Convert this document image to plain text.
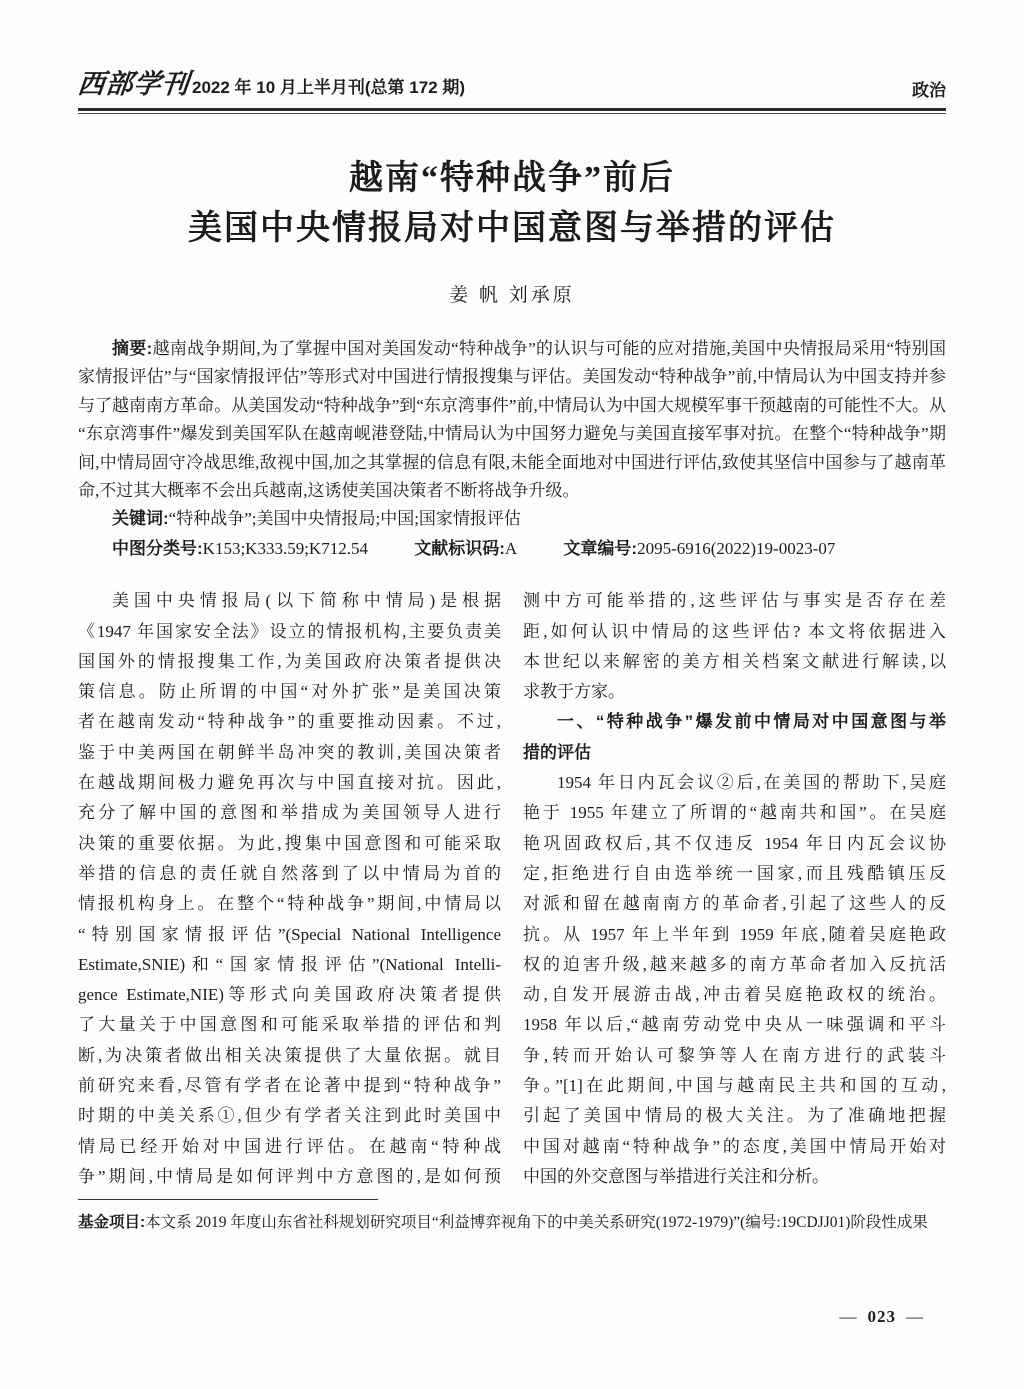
西部学刊 2022 年 10 月上半月刊(总第 172 期)	政治
越南“特种战争”前后
美国中央情报局对中国意图与举措的评估
姜 帆 刘承原
摘要:越南战争期间,为了掌握中国对美国发动“特种战争”的认识与可能的应对措施,美国中央情报局采用“特别国家情报评估”与“国家情报评估”等形式对中国进行情报搜集与评估。美国发动“特种战争”前,中情局认为中国支持并参与了越南南方革命。从美国发动“特种战争”到“东京湾事件”前,中情局认为中国大规模军事干预越南的可能性不大。从“东京湾事件”爆发到美国军队在越南岘港登陆,中情局认为中国努力避免与美国直接军事对抗。在整个“特种战争”期间,中情局固守冷战思维,敌视中国,加之其掌握的信息有限,未能全面地对中国进行评估,致使其坚信中国参与了越南革命,不过其大概率不会出兵越南,这诱使美国决策者不断将战争升级。
关键词:“特种战争”;美国中央情报局;中国;国家情报评估
中图分类号:K153;K333.59;K712.54	文献标识码:A	文章编号:2095-6916(2022)19-0023-07
美国中央情报局(以下简称中情局)是根据
《1947 年国家安全法》设立的情报机构,主要负责美
国国外的情报搜集工作,为美国政府决策者提供决
策信息。防止所谓的中国“对外扩张”是美国决策
者在越南发动“特种战争”的重要推动因素。不过,
鉴于中美两国在朝鲜半岛冲突的教训,美国决策者
在越战期间极力避免再次与中国直接对抗。因此,
充分了解中国的意图和举措成为美国领导人进行
决策的重要依据。为此,搜集中国意图和可能采取
举措的信息的责任就自然落到了以中情局为首的
情报机构身上。在整个“特种战争”期间,中情局以
“特别国家情报评估”(Special National Intelligence
Estimate,SNIE)和“国家情报评估”(National Intelli-
gence Estimate,NIE)等形式向美国政府决策者提供
了大量关于中国意图和可能采取举措的评估和判
断,为决策者做出相关决策提供了大量依据。就目
前研究来看,尽管有学者在论著中提到“特种战争”
时期的中美关系①,但少有学者关注到此时美国中
情局已经开始对中国进行评估。在越南“特种战
争”期间,中情局是如何评判中方意图的,是如何预
测中方可能举措的,这些评估与事实是否存在差
距,如何认识中情局的这些评估? 本文将依据进入
本世纪以来解密的美方相关档案文献进行解读,以
求教于方家。
一、“特种战争”爆发前中情局对中国意图与举
措的评估
1954 年日内瓦会议②后,在美国的帮助下,吴庭
艳于 1955 年建立了所谓的“越南共和国”。在吴庭
艳巩固政权后,其不仅违反 1954 年日内瓦会议协
定,拒绝进行自由选举统一国家,而且残酷镇压反
对派和留在越南南方的革命者,引起了这些人的反
抗。从 1957 年上半年到 1959 年底,随着吴庭艳政
权的迫害升级,越来越多的南方革命者加入反抗活
动,自发开展游击战,冲击着吴庭艳政权的统治。
1958 年以后,“越南劳动党中央从一味强调和平斗
争,转而开始认可黎笋等人在南方进行的武装斗
争。”[1]在此期间,中国与越南民主共和国的互动,
引起了美国中情局的极大关注。为了准确地把握
中国对越南“特种战争”的态度,美国中情局开始对
中国的外交意图与举措进行关注和分析。
基金项目:本文系 2019 年度山东省社科规划研究项目“利益博弈视角下的中美关系研究(1972-1979)”(编号:19CDJJ01)阶段性成果
— 023 —
